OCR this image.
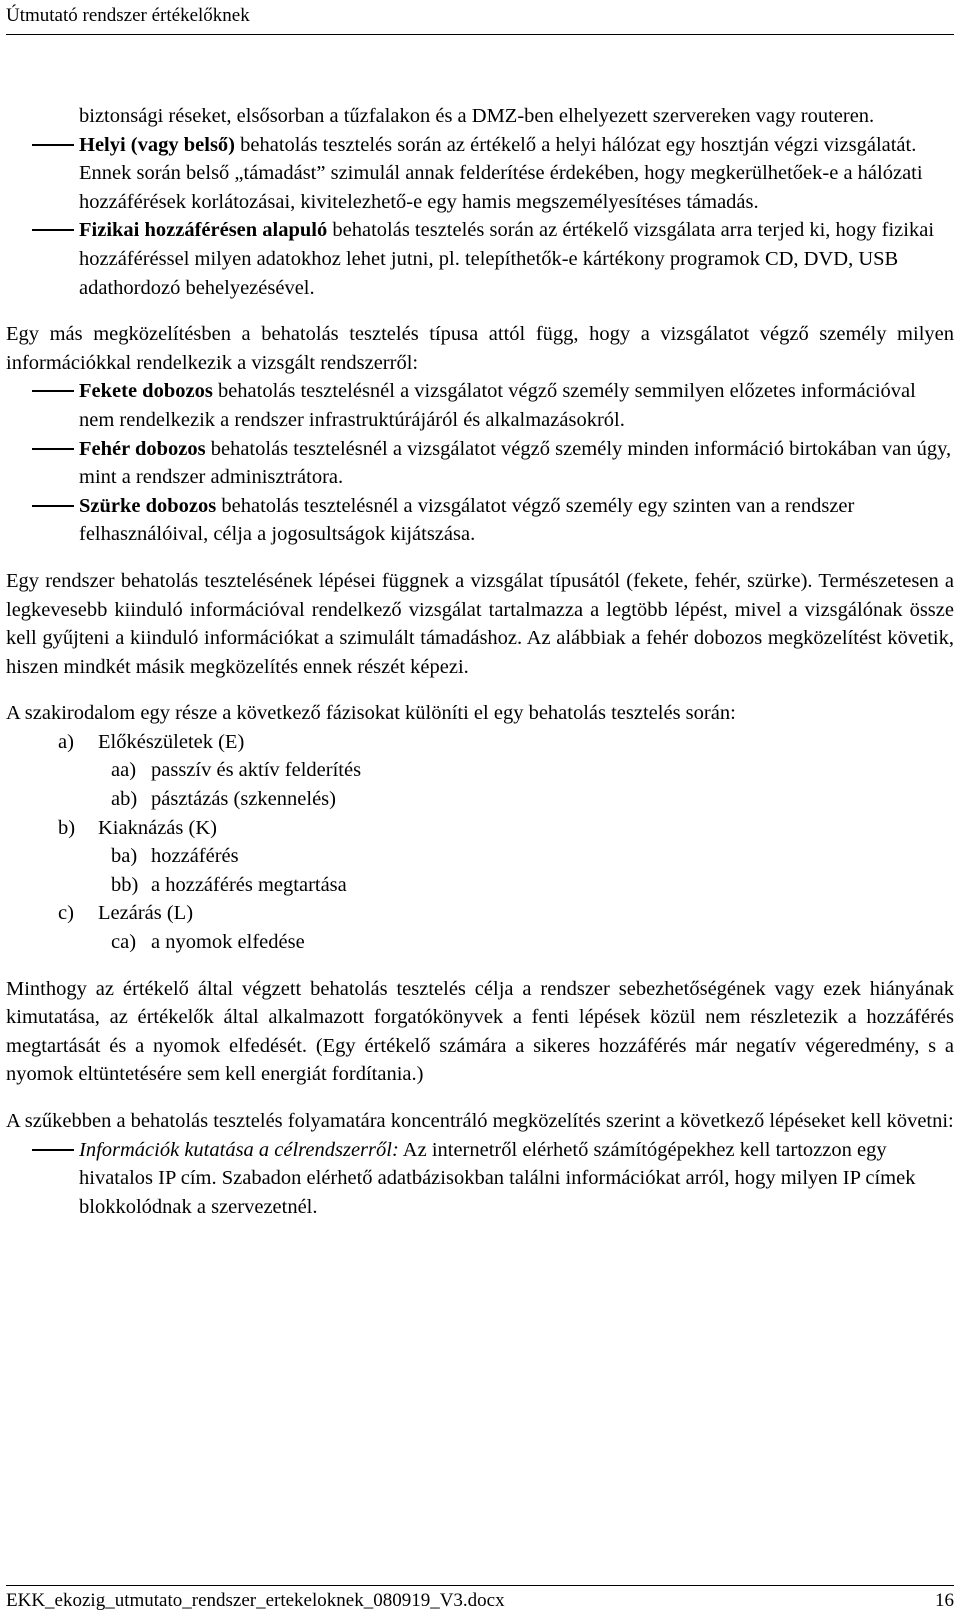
Útmutató rendszer értékelőknek
biztonsági réseket, elsősorban a tűzfalakon és a DMZ-ben elhelyezett szervereken vagy routeren.
Helyi (vagy belső) behatolás tesztelés során az értékelő a helyi hálózat egy hosztján végzi vizsgálatát. Ennek során belső „támadást” szimulál annak felderítése érdekében, hogy megkerülhetőek-e a hálózati hozzáférések korlátozásai, kivitelezhető-e egy hamis megszemélyesítéses támadás.
Fizikai hozzáférésen alapuló behatolás tesztelés során az értékelő vizsgálata arra terjed ki, hogy fizikai hozzáféréssel milyen adatokhoz lehet jutni, pl. telepíthetők-e kártékony programok CD, DVD, USB adathordozó behelyezésével.
Egy más megközelítésben a behatolás tesztelés típusa attól függ, hogy a vizsgálatot végző személy milyen információkkal rendelkezik a vizsgált rendszerről:
Fekete dobozos behatolás tesztelésnél a vizsgálatot végző személy semmilyen előzetes információval nem rendelkezik a rendszer infrastruktúrájáról és alkalmazásokról.
Fehér dobozos behatolás tesztelésnél a vizsgálatot végző személy minden információ birtokában van úgy, mint a rendszer adminisztrátora.
Szürke dobozos behatolás tesztelésnél a vizsgálatot végző személy egy szinten van a rendszer felhasználóival, célja a jogosultságok kijátszása.
Egy rendszer behatolás tesztelésének lépései függnek a vizsgálat típusától (fekete, fehér, szürke). Természetesen a legkevesebb kiinduló információval rendelkező vizsgálat tartalmazza a legtöbb lépést, mivel a vizsgálónak össze kell gyűjteni a kiinduló információkat a szimulált támadáshoz. Az alábbiak a fehér dobozos megközelítést követik, hiszen mindkét másik megközelítés ennek részét képezi.
A szakirodalom egy része a következő fázisokat különíti el egy behatolás tesztelés során:
a) Előkészületek (E)
aa) passzív és aktív felderítés
ab) pásztázás (szkennelés)
b) Kiaknázás (K)
ba) hozzáférés
bb) a hozzáférés megtartása
c) Lezárás (L)
ca) a nyomok elfedése
Minthogy az értékelő által végzett behatolás tesztelés célja a rendszer sebezhetőségének vagy ezek hiányának kimutatása, az értékelők által alkalmazott forgatókönyvek a fenti lépések közül nem részletezik a hozzáférés megtartását és a nyomok elfedését. (Egy értékelő számára a sikeres hozzáférés már negatív végeredmény, s a nyomok eltüntetésére sem kell energiát fordítania.)
A szűkebben a behatolás tesztelés folyamatára koncentráló megközelítés szerint a következő lépéseket kell követni:
Információk kutatása a célrendszerről: Az internetről elérhető számítógépekhez kell tartozzon egy hivatalos IP cím. Szabadon elérhető adatbázisokban találni információkat arról, hogy milyen IP címek blokkolódnak a szervezetnél.
EKK_ekozig_utmutato_rendszer_ertekeloknek_080919_V3.docx	16
